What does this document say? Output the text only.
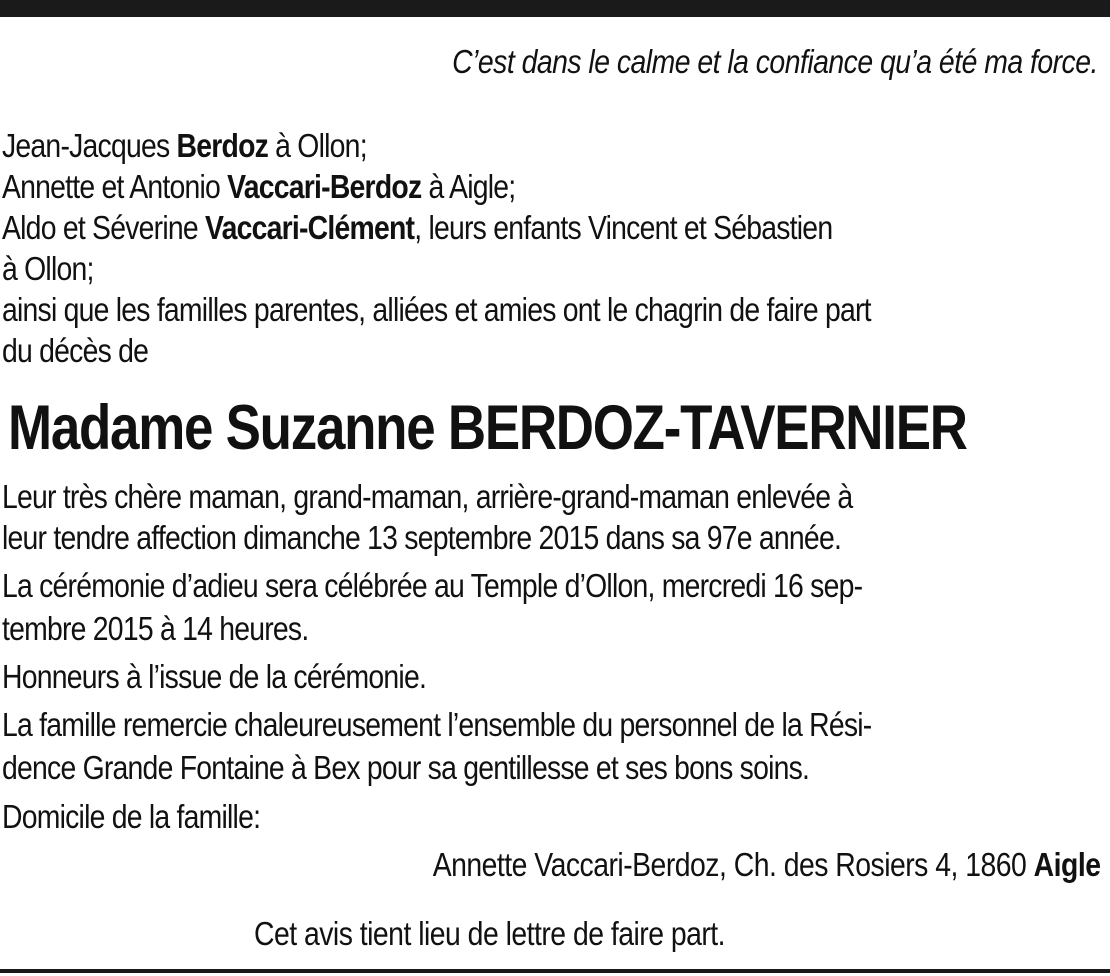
C’est dans le calme et la confiance qu’a été ma force.
Jean-Jacques Berdoz à Ollon;
Annette et Antonio Vaccari-Berdoz à Aigle;
Aldo et Séverine Vaccari-Clément, leurs enfants Vincent et Sébastien
à Ollon;
ainsi que les familles parentes, alliées et amies ont le chagrin de faire part
du décès de
Madame Suzanne BERDOZ-TAVERNIER
Leur très chère maman, grand-maman, arrière-grand-maman enlevée à
leur tendre affection dimanche 13 septembre 2015 dans sa 97e année.
La cérémonie d’adieu sera célébrée au Temple d’Ollon, mercredi 16 sep-
tembre 2015 à 14 heures.
Honneurs à l’issue de la cérémonie.
La famille remercie chaleureusement l’ensemble du personnel de la Rési-
dence Grande Fontaine à Bex pour sa gentillesse et ses bons soins.
Domicile de la famille:
Annette Vaccari-Berdoz, Ch. des Rosiers 4, 1860 Aigle
Cet avis tient lieu de lettre de faire part.
